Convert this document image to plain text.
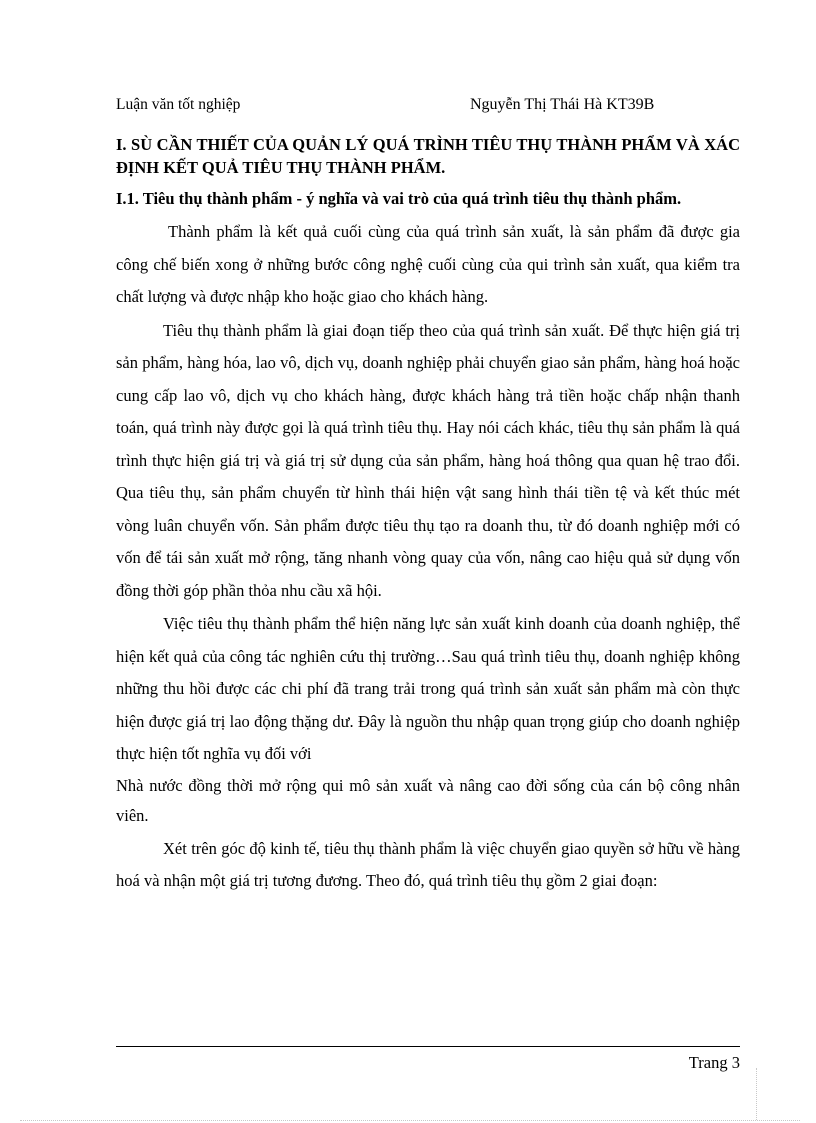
Luận văn tốt nghiệp	Nguyễn Thị Thái Hà KT39B
I. SÙ CẦN THIẾT CỦA QUẢN LÝ QUÁ TRÌNH TIÊU THỤ THÀNH PHẨM VÀ XÁC ĐỊNH KẾT QUẢ TIÊU THỤ THÀNH PHẨM.
I.1. Tiêu thụ thành phẩm - ý nghĩa và vai trò của quá trình tiêu thụ thành phẩm.
Thành phẩm là kết quả cuối cùng của quá trình sản xuất, là sản phẩm đã được gia công chế biến xong ở những bước công nghệ cuối cùng của qui trình sản xuất, qua kiểm tra chất lượng và được nhập kho hoặc giao cho khách hàng.
Tiêu thụ thành phẩm là giai đoạn tiếp theo của quá trình sản xuất. Để thực hiện giá trị sản phẩm, hàng hóa, lao vô, dịch vụ, doanh nghiệp phải chuyển giao sản phẩm, hàng hoá hoặc cung cấp lao vô, dịch vụ cho khách hàng, được khách hàng trả tiền hoặc chấp nhận thanh toán, quá trình này được gọi là quá trình tiêu thụ. Hay nói cách khác, tiêu thụ sản phẩm là quá trình thực hiện giá trị và giá trị sử dụng của sản phẩm, hàng hoá thông qua quan hệ trao đổi. Qua tiêu thụ, sản phẩm chuyển từ hình thái hiện vật sang hình thái tiền tệ và kết thúc mét vòng luân chuyển vốn. Sản phẩm được tiêu thụ tạo ra doanh thu, từ đó doanh nghiệp mới có vốn để tái sản xuất mở rộng, tăng nhanh vòng quay của vốn, nâng cao hiệu quả sử dụng vốn đồng thời góp phần thỏa nhu cầu xã hội.
Việc tiêu thụ thành phẩm thể hiện năng lực sản xuất kinh doanh của doanh nghiệp, thể hiện kết quả của công tác nghiên cứu thị trường…Sau quá trình tiêu thụ, doanh nghiệp không những thu hồi được các chi phí đã trang trải trong quá trình sản xuất sản phẩm mà còn thực hiện được giá trị lao động thặng dư. Đây là nguồn thu nhập quan trọng giúp cho doanh nghiệp thực hiện tốt nghĩa vụ đối với
Nhà nước đồng thời mở rộng qui mô sản xuất và nâng cao đời sống của cán bộ công nhân viên.
Xét trên góc độ kinh tế, tiêu thụ thành phẩm là việc chuyển giao quyền sở hữu về hàng hoá và nhận một giá trị tương đương. Theo đó, quá trình tiêu thụ gồm 2 giai đoạn:
Trang 3
